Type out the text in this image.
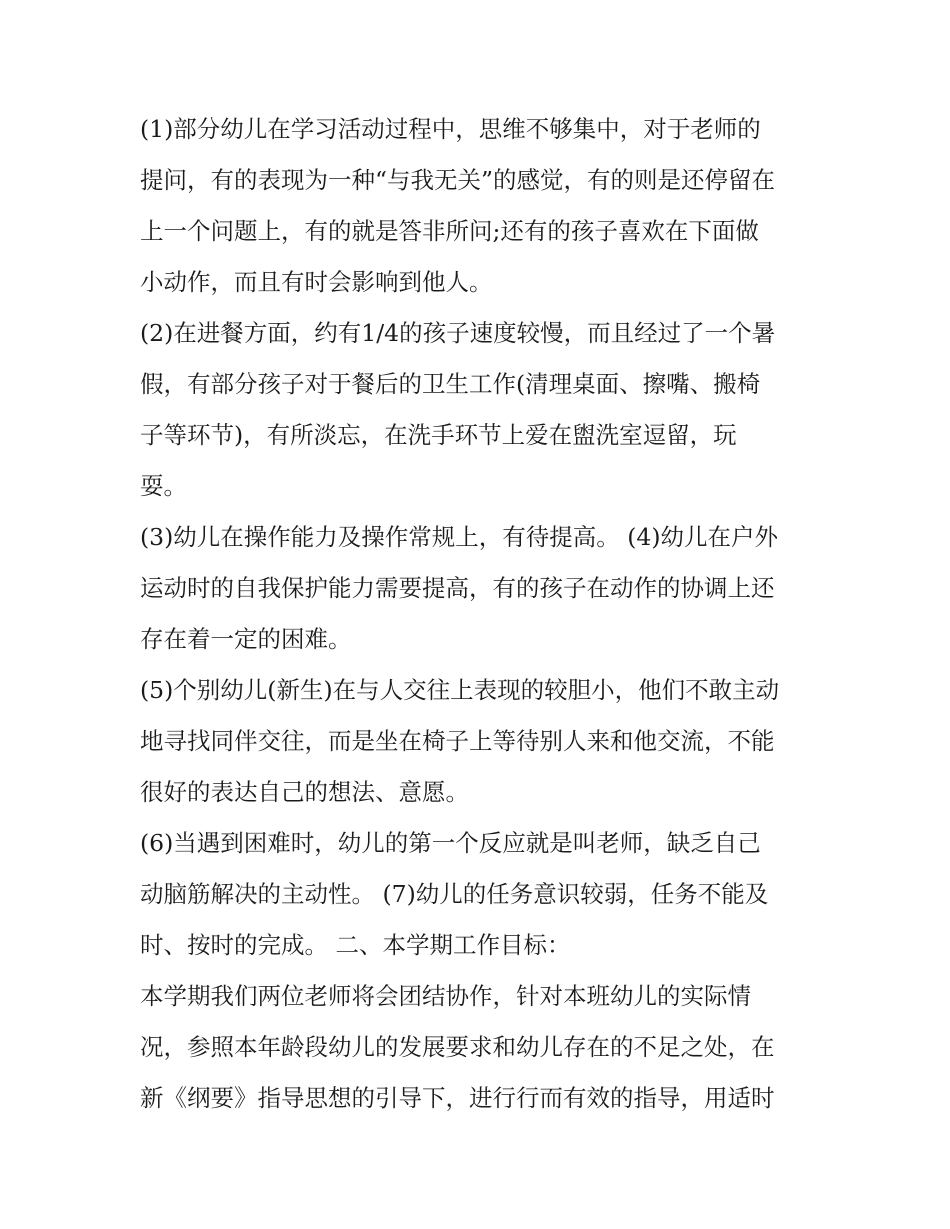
(1)部分幼儿在学习活动过程中，思维不够集中，对于老师的
提问，有的表现为一种“与我无关”的感觉，有的则是还停留在
上一个问题上，有的就是答非所问;还有的孩子喜欢在下面做
小动作，而且有时会影响到他人。
(2)在进餐方面，约有1/4的孩子速度较慢，而且经过了一个暑
假，有部分孩子对于餐后的卫生工作(清理桌面、擦嘴、搬椅
子等环节)，有所淡忘，在洗手环节上爱在盥洗室逗留，玩
耍。
(3)幼儿在操作能力及操作常规上，有待提高。 (4)幼儿在户外
运动时的自我保护能力需要提高，有的孩子在动作的协调上还
存在着一定的困难。
(5)个别幼儿(新生)在与人交往上表现的较胆小，他们不敢主动
地寻找同伴交往，而是坐在椅子上等待别人来和他交流，不能
很好的表达自己的想法、意愿。
(6)当遇到困难时，幼儿的第一个反应就是叫老师，缺乏自己
动脑筋解决的主动性。 (7)幼儿的任务意识较弱，任务不能及
时、按时的完成。 二、本学期工作目标：
本学期我们两位老师将会团结协作，针对本班幼儿的实际情
况，参照本年龄段幼儿的发展要求和幼儿存在的不足之处，在
新《纲要》指导思想的引导下，进行行而有效的指导，用适时
